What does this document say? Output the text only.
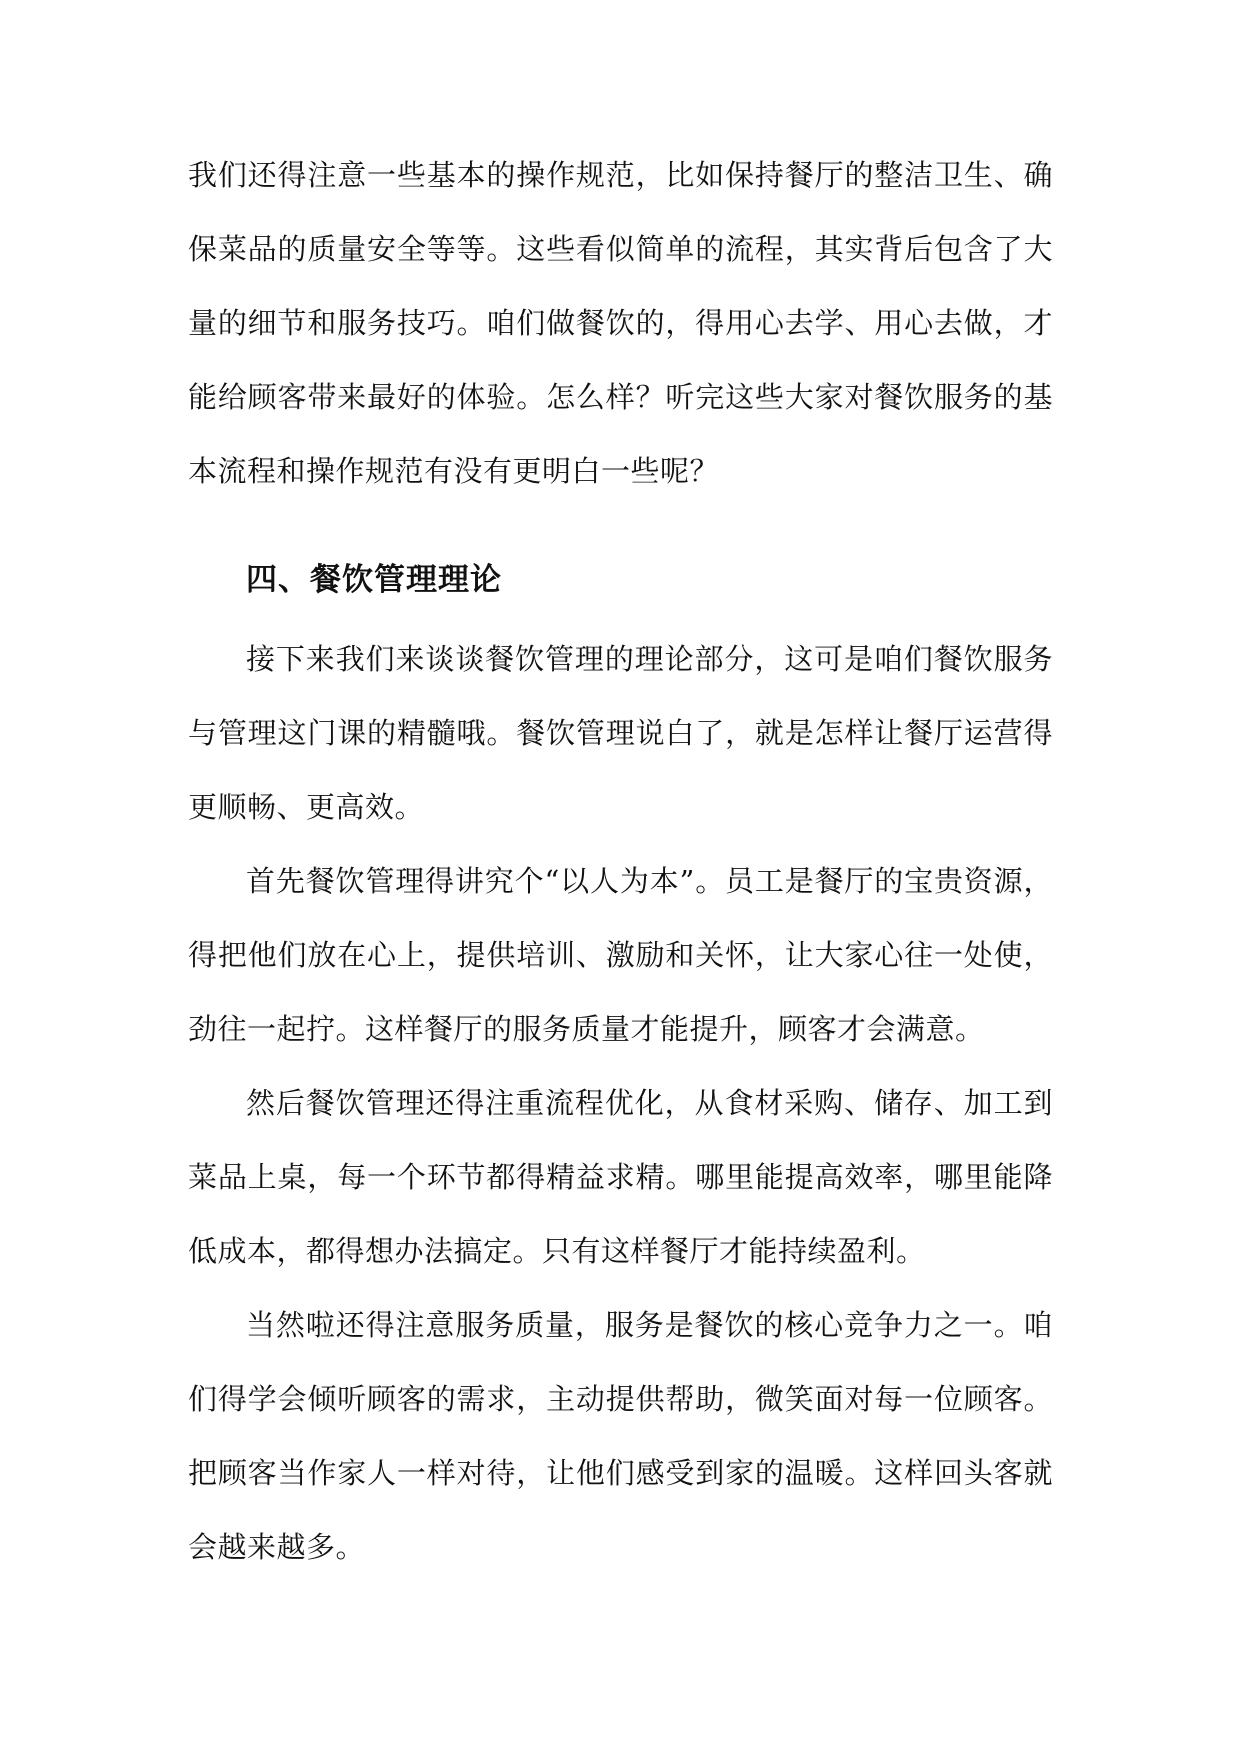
我们还得注意一些基本的操作规范，比如保持餐厅的整洁卫生、确保菜品的质量安全等等。这些看似简单的流程，其实背后包含了大量的细节和服务技巧。咱们做餐饮的，得用心去学、用心去做，才能给顾客带来最好的体验。怎么样？听完这些大家对餐饮服务的基本流程和操作规范有没有更明白一些呢？

四、餐饮管理理论

接下来我们来谈谈餐饮管理的理论部分，这可是咱们餐饮服务与管理这门课的精髓哦。餐饮管理说白了，就是怎样让餐厅运营得更顺畅、更高效。

首先餐饮管理得讲究个“以人为本”。员工是餐厅的宝贵资源，得把他们放在心上，提供培训、激励和关怀，让大家心往一处使，劲往一起拧。这样餐厅的服务质量才能提升，顾客才会满意。

然后餐饮管理还得注重流程优化，从食材采购、储存、加工到菜品上桌，每一个环节都得精益求精。哪里能提高效率，哪里能降低成本，都得想办法搞定。只有这样餐厅才能持续盈利。

当然啦还得注意服务质量，服务是餐饮的核心竞争力之一。咱们得学会倾听顾客的需求，主动提供帮助，微笑面对每一位顾客。把顾客当作家人一样对待，让他们感受到家的温暖。这样回头客就会越来越多。
